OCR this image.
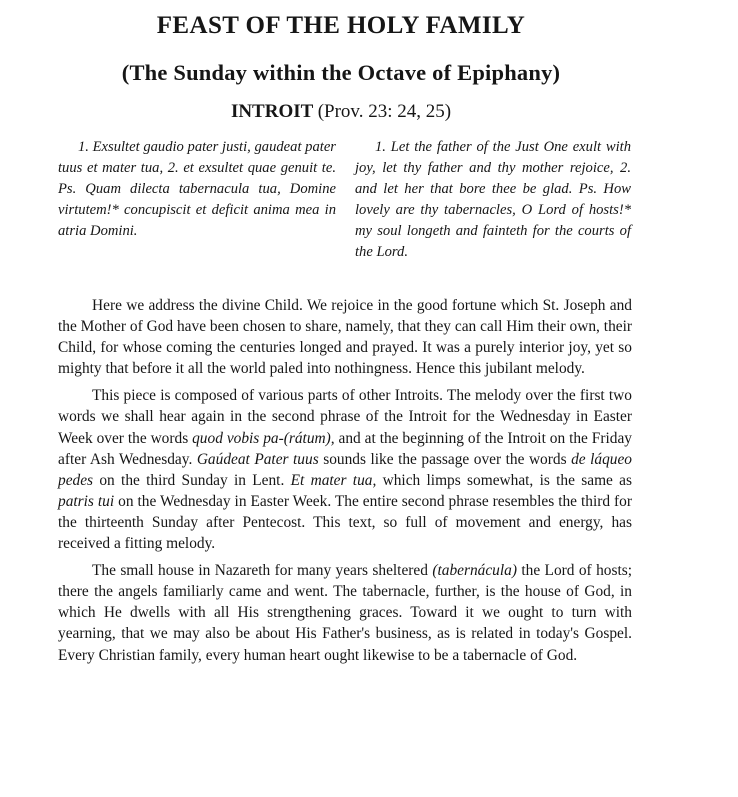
FEAST OF THE HOLY FAMILY
(The Sunday within the Octave of Epiphany)
INTROIT (Prov. 23: 24, 25)
1. Exsultet gaudio pater justi, gaudeat pater tuus et mater tua, 2. et exsultet quae genuit te. Ps. Quam dilecta tabernacula tua, Domine virtutem!* concupiscit et deficit anima mea in atria Domini.
1. Let the father of the Just One exult with joy, let thy father and thy mother rejoice, 2. and let her that bore thee be glad. Ps. How lovely are thy tabernacles, O Lord of hosts!* my soul longeth and fainteth for the courts of the Lord.

Here we address the divine Child. We rejoice in the good fortune which St. Joseph and the Mother of God have been chosen to share, namely, that they can call Him their own, their Child, for whose coming the centuries longed and prayed. It was a purely interior joy, yet so mighty that before it all the world paled into nothingness. Hence this jubilant melody.

This piece is composed of various parts of other Introits. The melody over the first two words we shall hear again in the second phrase of the Introit for the Wednesday in Easter Week over the words quod vobis pa-(rátum), and at the beginning of the Introit on the Friday after Ash Wednesday. Gaúdeat Pater tuus sounds like the passage over the words de láqueo pedes on the third Sunday in Lent. Et mater tua, which limps somewhat, is the same as patris tui on the Wednesday in Easter Week. The entire second phrase resembles the third for the thirteenth Sunday after Pentecost. This text, so full of movement and energy, has received a fitting melody.

The small house in Nazareth for many years sheltered (tabernácula) the Lord of hosts; there the angels familiarly came and went. The tabernacle, further, is the house of God, in which He dwells with all His strengthening graces. Toward it we ought to turn with yearning, that we may also be about His Father's business, as is related in today's Gospel. Every Christian family, every human heart ought likewise to be a tabernacle of God.
